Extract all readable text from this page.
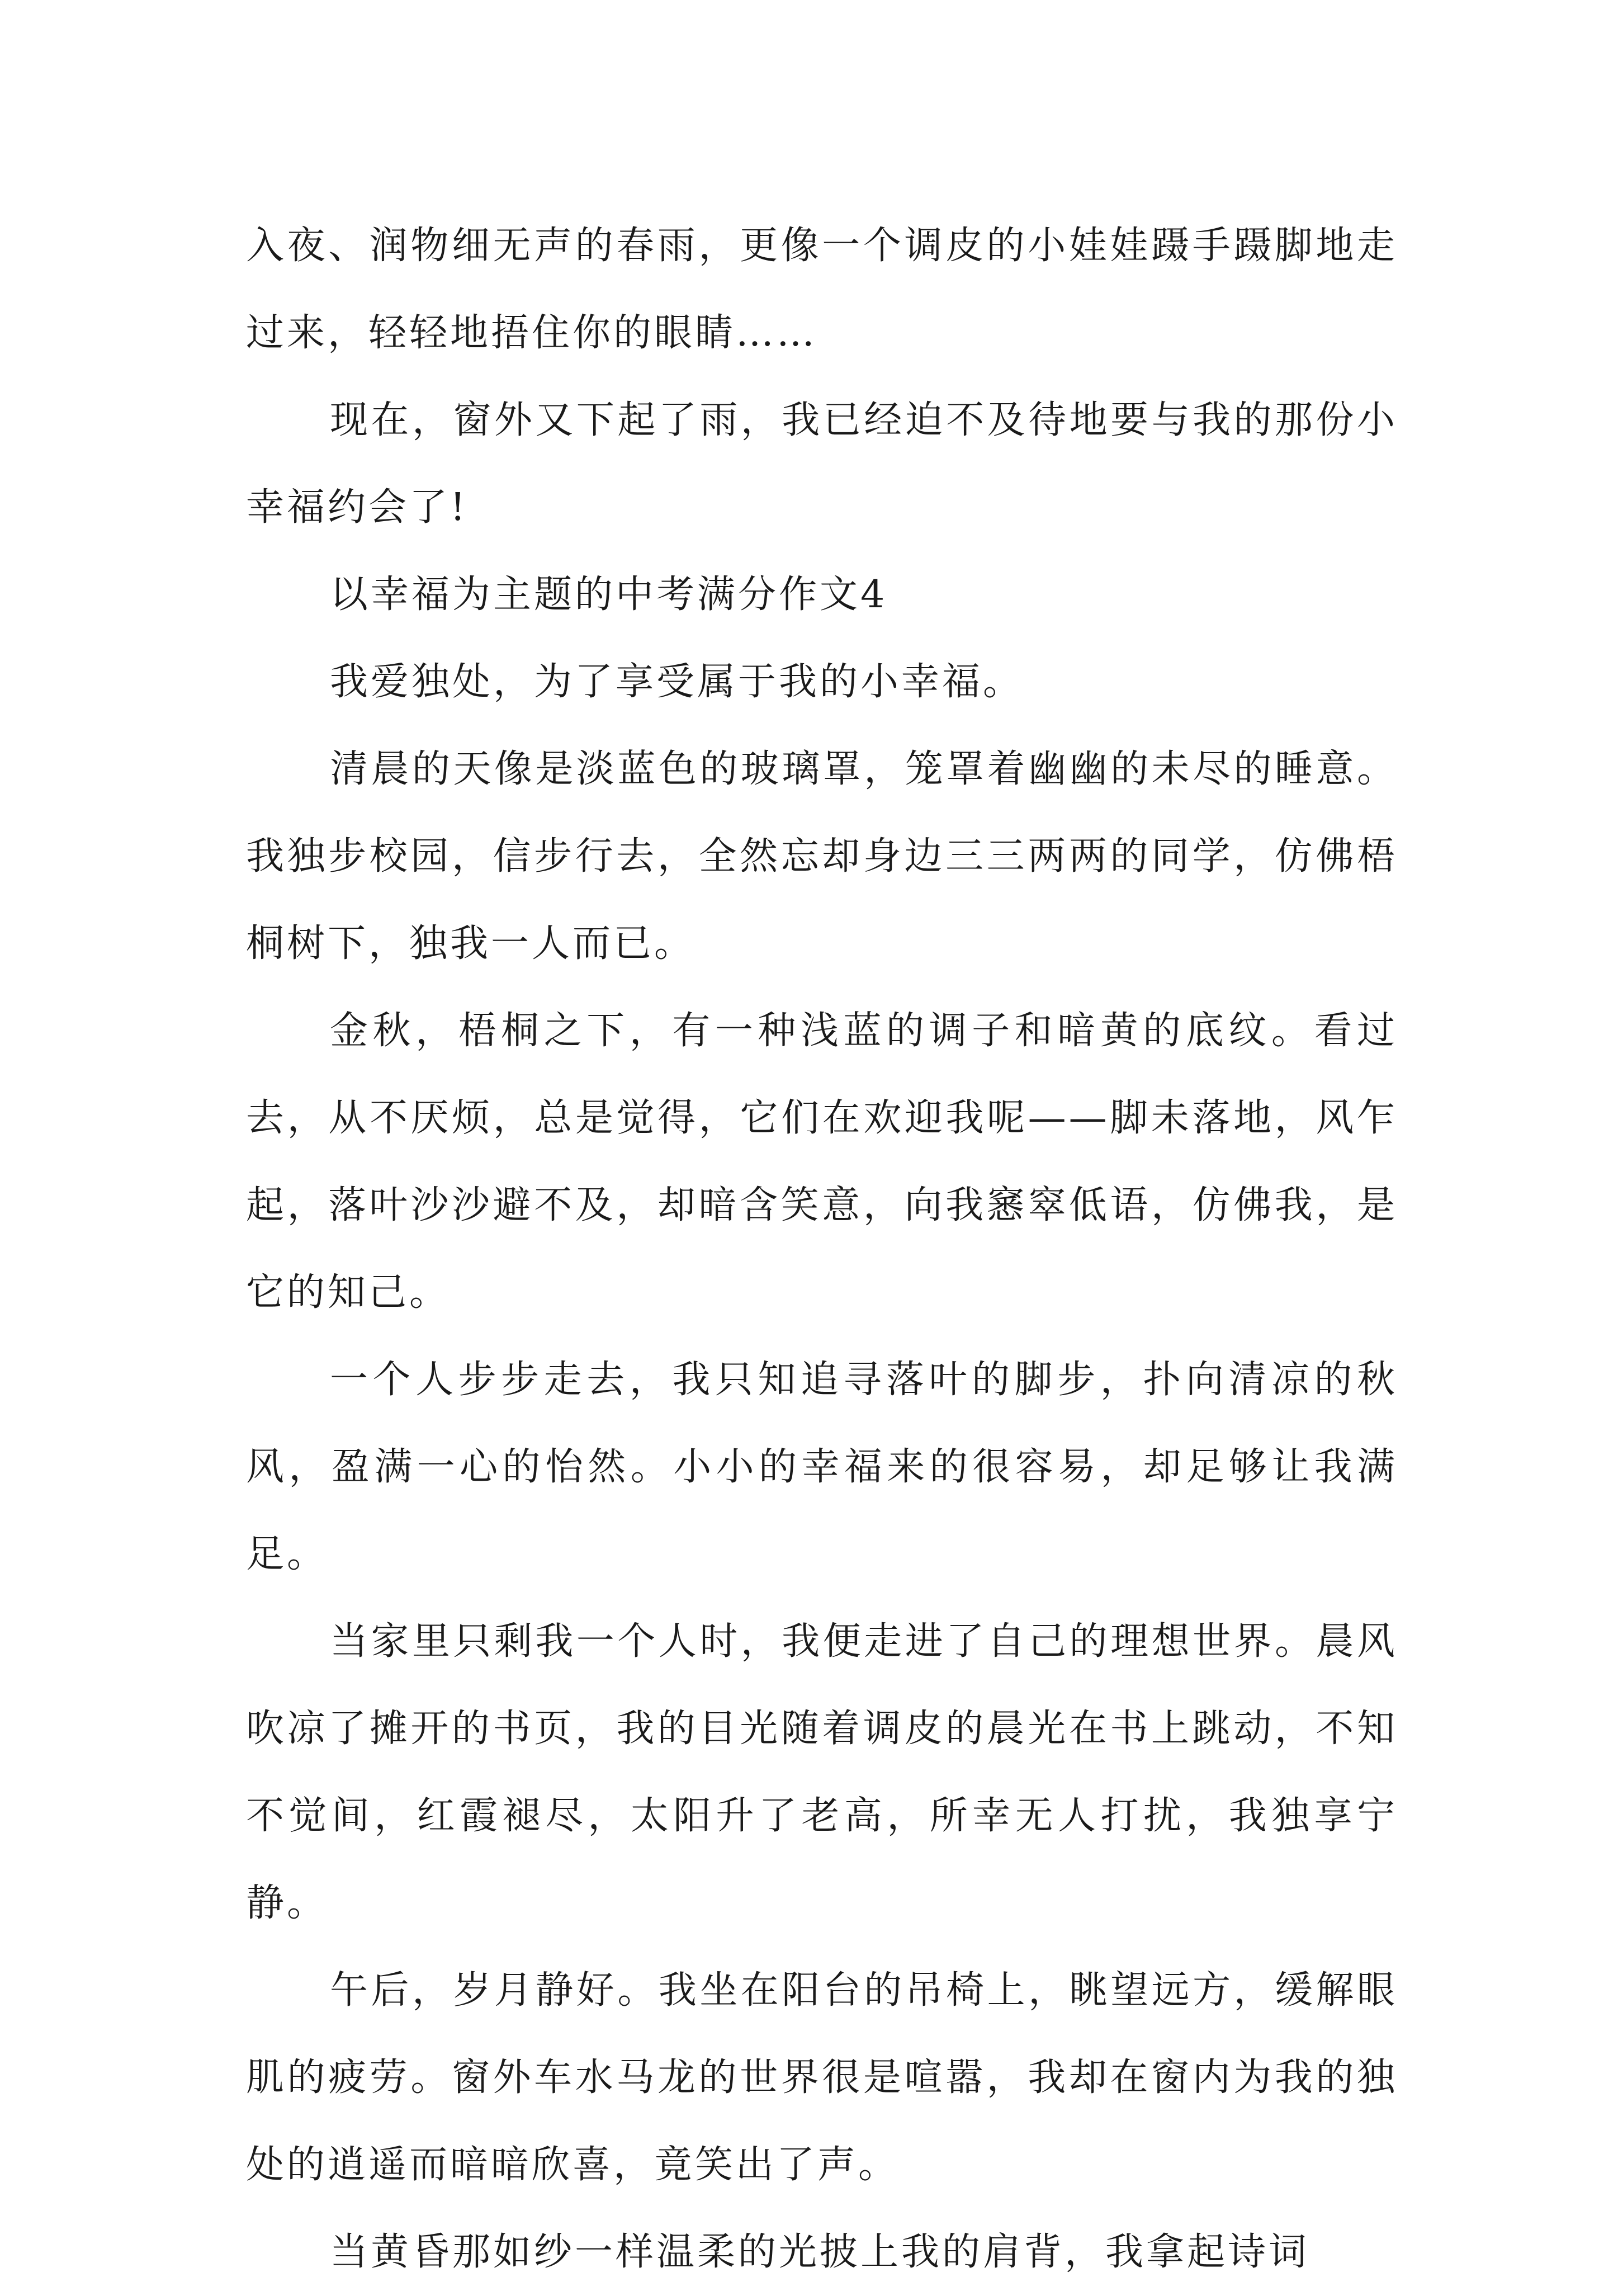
入夜、润物细无声的春雨，更像一个调皮的小娃娃蹑手蹑脚地走过来，轻轻地捂住你的眼睛……

现在，窗外又下起了雨，我已经迫不及待地要与我的那份小幸福约会了!

以幸福为主题的中考满分作文4

我爱独处，为了享受属于我的小幸福。

清晨的天像是淡蓝色的玻璃罩，笼罩着幽幽的未尽的睡意。我独步校园，信步行去，全然忘却身边三三两两的同学，仿佛梧桐树下，独我一人而已。

金秋，梧桐之下，有一种浅蓝的调子和暗黄的底纹。看过去，从不厌烦，总是觉得，它们在欢迎我呢——脚未落地，风乍起，落叶沙沙避不及，却暗含笑意，向我窸窣低语，仿佛我，是它的知己。

一个人步步走去，我只知追寻落叶的脚步，扑向清凉的秋风，盈满一心的怡然。小小的幸福来的很容易，却足够让我满足。

当家里只剩我一个人时，我便走进了自己的理想世界。晨风吹凉了摊开的书页，我的目光随着调皮的晨光在书上跳动，不知不觉间，红霞褪尽，太阳升了老高，所幸无人打扰，我独享宁静。

午后，岁月静好。我坐在阳台的吊椅上，眺望远方，缓解眼肌的疲劳。窗外车水马龙的世界很是喧嚣，我却在窗内为我的独处的逍遥而暗暗欣喜，竟笑出了声。

当黄昏那如纱一样温柔的光披上我的肩背，我拿起诗词
